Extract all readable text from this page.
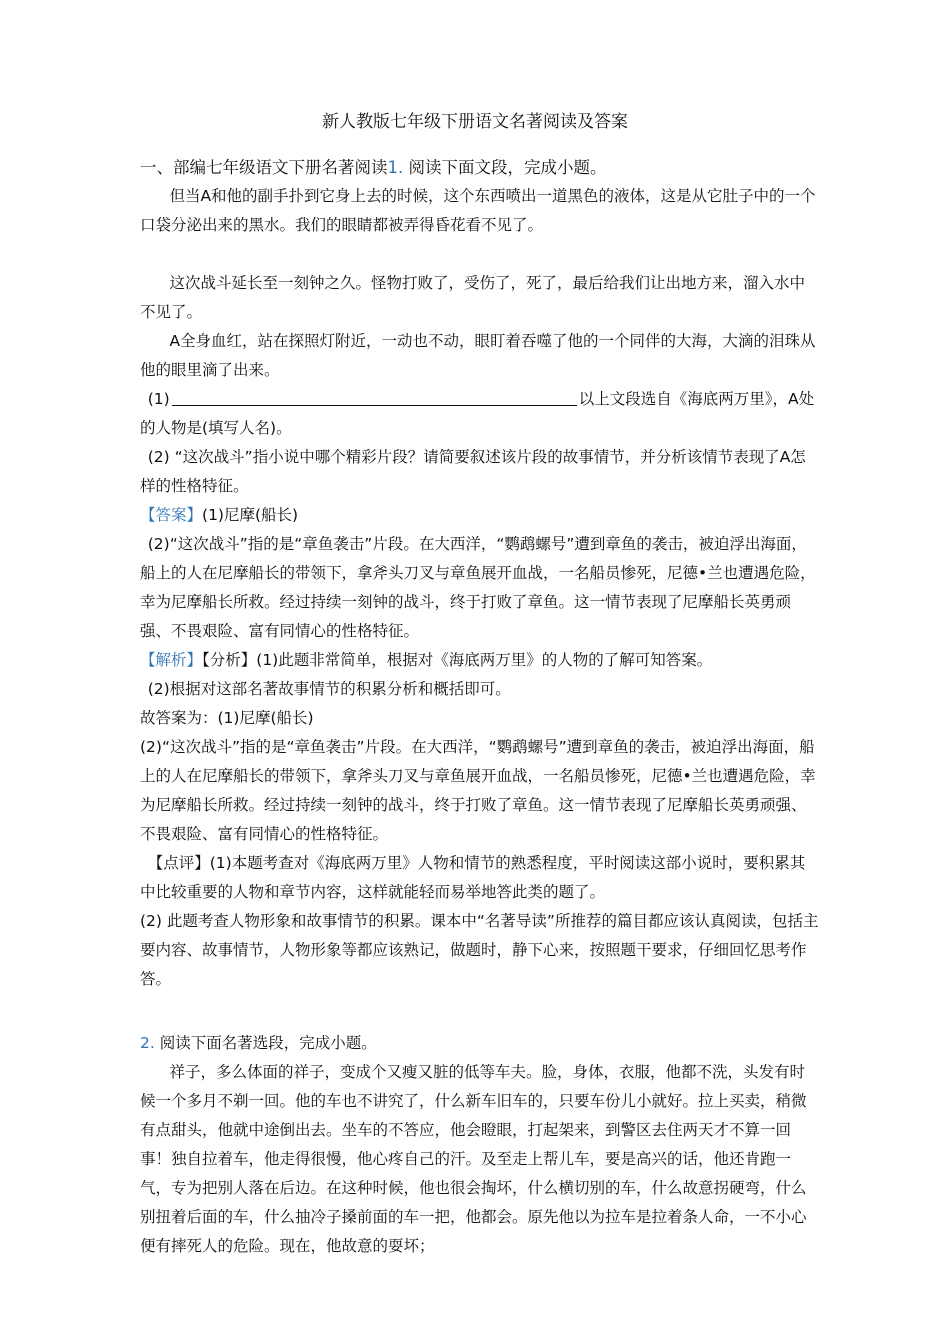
新人教版七年级下册语文名著阅读及答案

一、部编七年级语文下册名著阅读1. 阅读下面文段，完成小题。

但当A和他的副手扑到它身上去的时候，这个东西喷出一道黑色的液体，这是从它肚子中的一个口袋分泌出来的黑水。我们的眼睛都被弄得昏花看不见了。

这次战斗延长至一刻钟之久。怪物打败了，受伤了，死了，最后给我们让出地方来，溜入水中不见了。

A全身血红，站在探照灯附近，一动也不动，眼盯着吞噬了他的一个同伴的大海，大滴的泪珠从他的眼里滴了出来。

(1)	以上文段选自《海底两万里》，A处的人物是(填写人名)。

(2) “这次战斗”指小说中哪个精彩片段？请简要叙述该片段的故事情节，并分析该情节表现了A怎样的性格特征。

【答案】(1)尼摩(船长)

(2)“这次战斗”指的是“章鱼袭击”片段。在大西洋，“鹦鹉螺号”遭到章鱼的袭击，被迫浮出海面，船上的人在尼摩船长的带领下，拿斧头刀叉与章鱼展开血战，一名船员惨死，尼德•兰也遭遇危险，幸为尼摩船长所救。经过持续一刻钟的战斗，终于打败了章鱼。这一情节表现了尼摩船长英勇顽强、不畏艰险、富有同情心的性格特征。

【解析】【分析】(1)此题非常简单，根据对《海底两万里》的人物的了解可知答案。

(2)根据对这部名著故事情节的积累分析和概括即可。

故答案为：(1)尼摩(船长)

(2)“这次战斗”指的是“章鱼袭击”片段。在大西洋，“鹦鹉螺号”遭到章鱼的袭击，被迫浮出海面，船上的人在尼摩船长的带领下，拿斧头刀叉与章鱼展开血战，一名船员惨死，尼德•兰也遭遇危险，幸为尼摩船长所救。经过持续一刻钟的战斗，终于打败了章鱼。这一情节表现了尼摩船长英勇顽强、不畏艰险、富有同情心的性格特征。

【点评】(1)本题考查对《海底两万里》人物和情节的熟悉程度，平时阅读这部小说时，要积累其中比较重要的人物和章节内容，这样就能轻而易举地答此类的题了。

(2) 此题考查人物形象和故事情节的积累。课本中“名著导读”所推荐的篇目都应该认真阅读，包括主要内容、故事情节，人物形象等都应该熟记，做题时，静下心来，按照题干要求，仔细回忆思考作答。

2. 阅读下面名著选段，完成小题。

祥子，多么体面的祥子，变成个又瘦又脏的低等车夫。脸，身体，衣服，他都不洗，头发有时候一个多月不剃一回。他的车也不讲究了，什么新车旧车的，只要车份儿小就好。拉上买卖，稍微有点甜头，他就中途倒出去。坐车的不答应，他会瞪眼，打起架来，到警区去住两天才不算一回事！独自拉着车，他走得很慢，他心疼自己的汗。及至走上帮儿车，要是高兴的话，他还肯跑一气，专为把别人落在后边。在这种时候，他也很会掏坏，什么横切别的车，什么故意拐硬弯，什么别扭着后面的车，什么抽冷子搡前面的车一把，他都会。原先他以为拉车是拉着条人命，一不小心便有摔死人的危险。现在，他故意的耍坏；
